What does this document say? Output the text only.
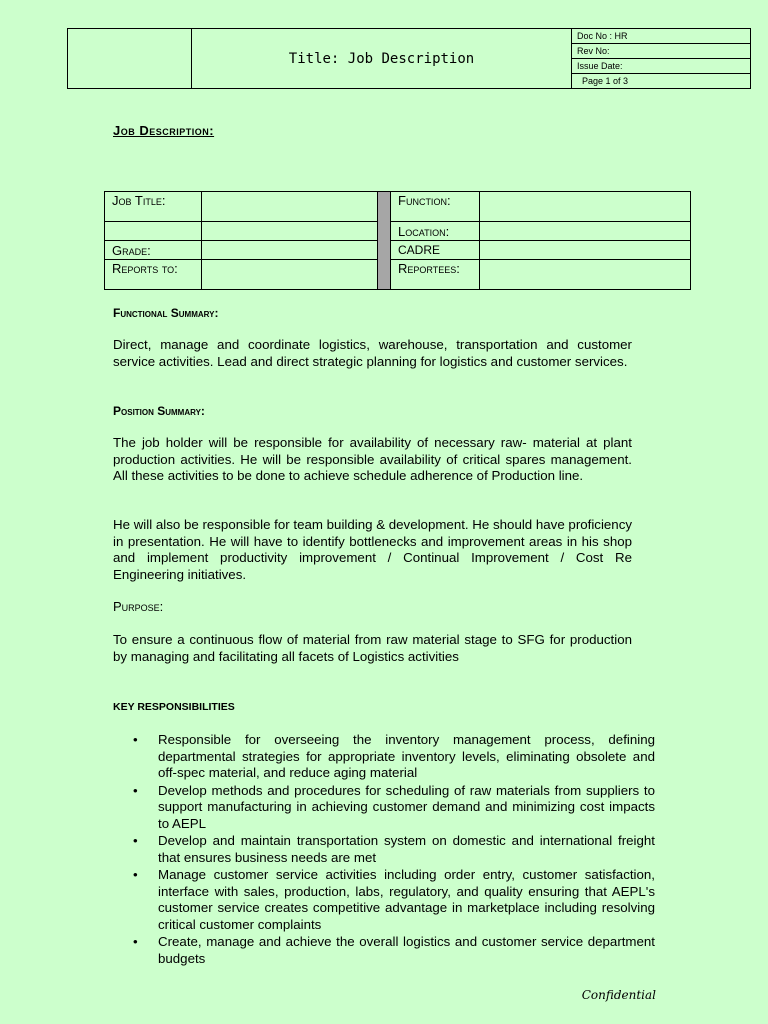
	Title: Job Description	Doc No : HR
Rev No:
Issue Date:
Page 1 of 3
Job Description:
Job Title:			Function:	
			Location:	
Grade:			CADRE	
Reports to:			Reportees:	
Functional Summary:
Direct, manage and coordinate logistics, warehouse, transportation and customer service activities. Lead and direct strategic planning for logistics and customer services.
Position Summary:
The job holder will be responsible for availability of necessary raw- material at plant production activities. He will be responsible availability of critical spares management. All these activities to be done to achieve schedule adherence of Production line.
He will also be responsible for team building & development. He should have proficiency in presentation. He will have to identify bottlenecks and improvement areas in his shop and implement productivity improvement / Continual Improvement / Cost Re Engineering initiatives.
Purpose:
To ensure a continuous flow of material from raw material stage to SFG for production by managing and facilitating all facets of Logistics activities
KEY RESPONSIBILITIES
• Responsible for overseeing the inventory management process, defining departmental strategies for appropriate inventory levels, eliminating obsolete and off-spec material, and reduce aging material
• Develop methods and procedures for scheduling of raw materials from suppliers to support manufacturing in achieving customer demand and minimizing cost impacts to AEPL
• Develop and maintain transportation system on domestic and international freight that ensures business needs are met
• Manage customer service activities including order entry, customer satisfaction, interface with sales, production, labs, regulatory, and quality ensuring that AEPL's customer service creates competitive advantage in marketplace including resolving critical customer complaints
• Create, manage and achieve the overall logistics and customer service department budgets
Confidential
